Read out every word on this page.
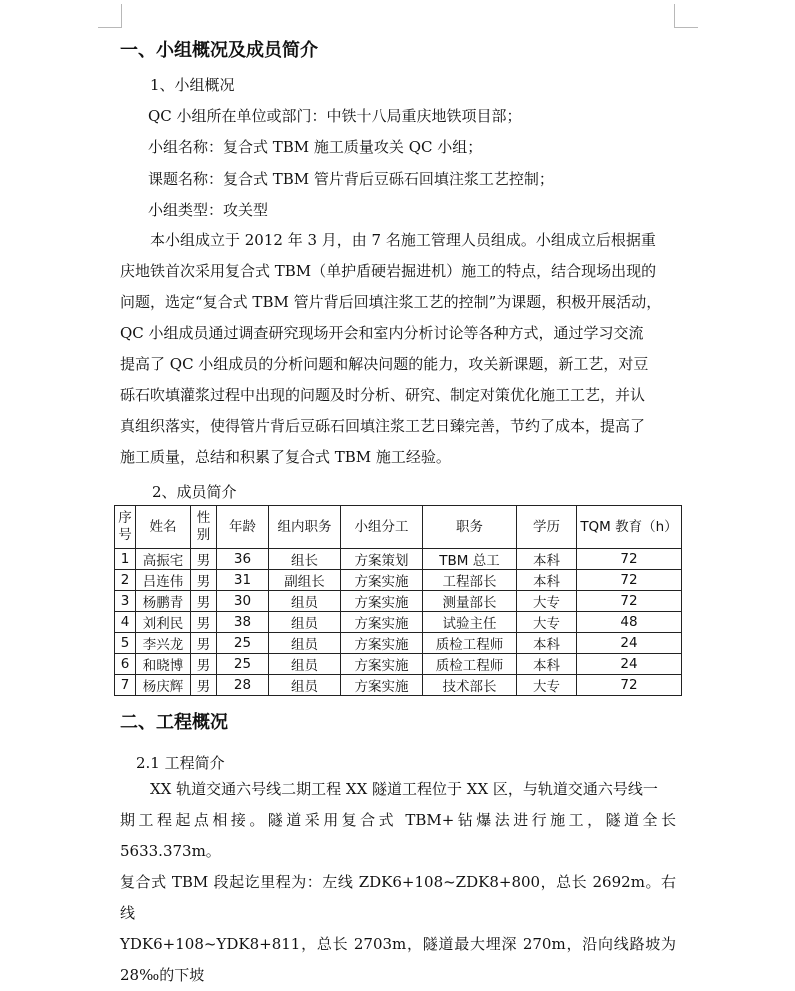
一、小组概况及成员简介
1、小组概况
QC 小组所在单位或部门：中铁十八局重庆地铁项目部；
小组名称：复合式 TBM 施工质量攻关 QC 小组；
课题名称：复合式 TBM 管片背后豆砾石回填注浆工艺控制；
小组类型：攻关型

本小组成立于 2012 年 3 月，由 7 名施工管理人员组成。小组成立后根据重
庆地铁首次采用复合式 TBM（单护盾硬岩掘进机）施工的特点，结合现场出现的
问题，选定“复合式 TBM 管片背后回填注浆工艺的控制”为课题，积极开展活动，
QC 小组成员通过调查研究现场开会和室内分析讨论等各种方式，通过学习交流
提高了 QC 小组成员的分析问题和解决问题的能力，攻关新课题，新工艺，对豆
砾石吹填灌浆过程中出现的问题及时分析、研究、制定对策优化施工工艺，并认
真组织落实，使得管片背后豆砾石回填注浆工艺日臻完善，节约了成本，提高了
施工质量，总结和积累了复合式 TBM 施工经验。

2、成员简介
序号	姓名	性别	年龄	组内职务	小组分工	职务	学历	TQM 教育（h）
1	高振宅	男	36	组长	方案策划	TBM 总工	本科	72
2	吕连伟	男	31	副组长	方案实施	工程部长	本科	72
3	杨鹏青	男	30	组员	方案实施	测量部长	大专	72
4	刘利民	男	38	组员	方案实施	试验主任	大专	48
5	李兴龙	男	25	组员	方案实施	质检工程师	本科	24
6	和晓博	男	25	组员	方案实施	质检工程师	本科	24
7	杨庆辉	男	28	组员	方案实施	技术部长	大专	72
二、工程概况
2.1 工程简介

XX 轨道交通六号线二期工程 XX 隧道工程位于 XX 区，与轨道交通六号线一
期工程起点相接。隧道采用复合式 TBM+钻爆法进行施工，隧道全长 5633.373m。
复合式 TBM 段起讫里程为：左线 ZDK6+108~ZDK8+800，总长 2692m。右线
YDK6+108~YDK8+811，总长 2703m，隧道最大埋深 270m，沿向线路坡为 28‰的下坡
